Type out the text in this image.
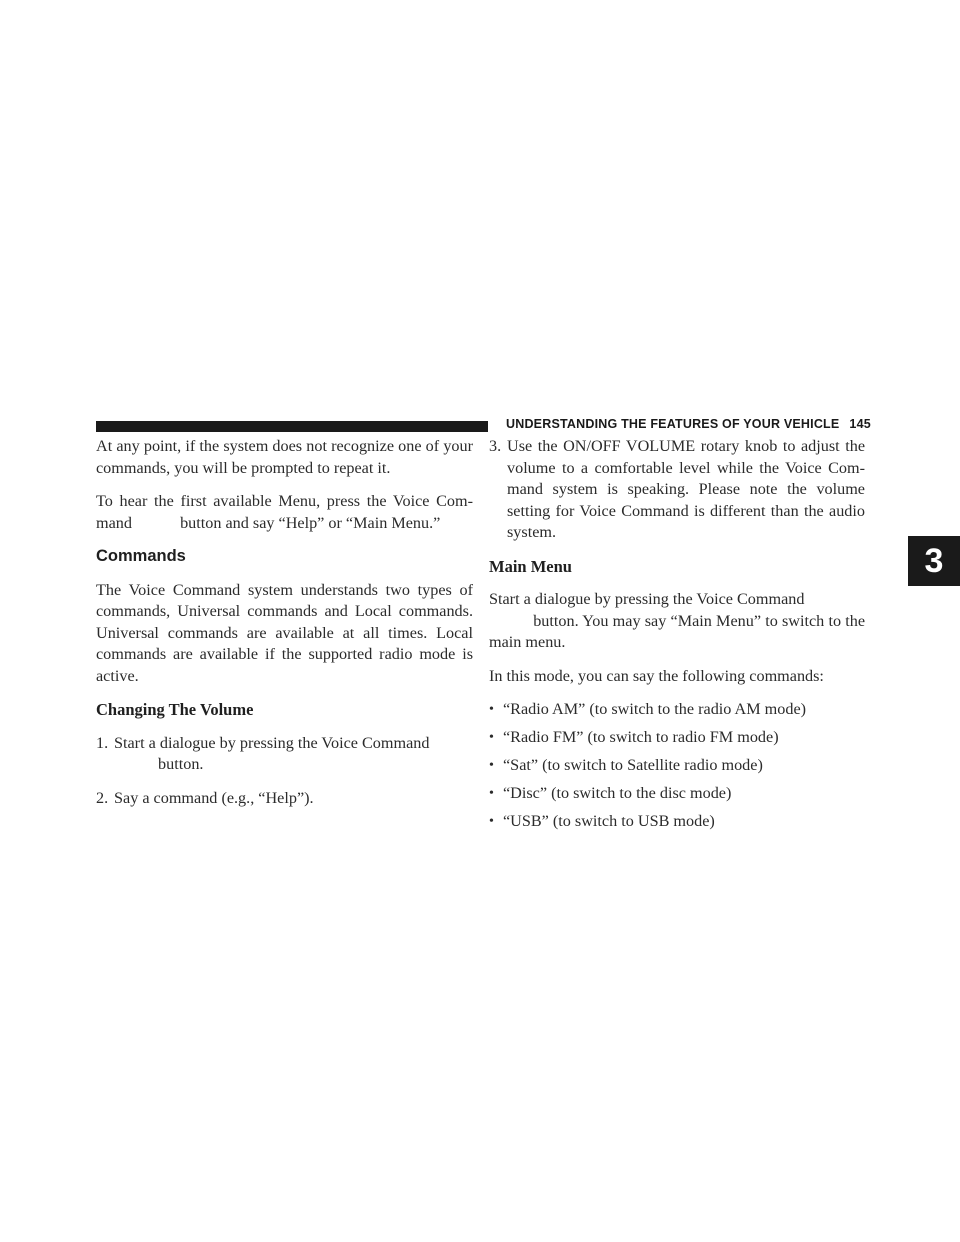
UNDERSTANDING THE FEATURES OF YOUR VEHICLE 145
3

At any point, if the system does not recognize one of your commands, you will be prompted to repeat it.

To hear the first available Menu, press the Voice Com- mand	button and say “Help” or “Main Menu.”

Commands

The Voice Command system understands two types of commands, Universal commands and Local commands. Universal commands are available at all times. Local commands are available if the supported radio mode is active.

Changing The Volume
1. Start a dialogue by pressing the Voice Command
button.
2. Say a command (e.g., “Help”).
3. Use the ON/OFF VOLUME rotary knob to adjust the volume to a comfortable level while the Voice Com- mand system is speaking. Please note the volume setting for Voice Command is different than the audio system.
Main Menu

Start a dialogue by pressing the Voice Command
button. You may say “Main Menu” to switch to the main menu.

In this mode, you can say the following commands:

• “Radio AM” (to switch to the radio AM mode)
• “Radio FM” (to switch to radio FM mode)
• “Sat” (to switch to Satellite radio mode)
• “Disc” (to switch to the disc mode)
• “USB” (to switch to USB mode)
